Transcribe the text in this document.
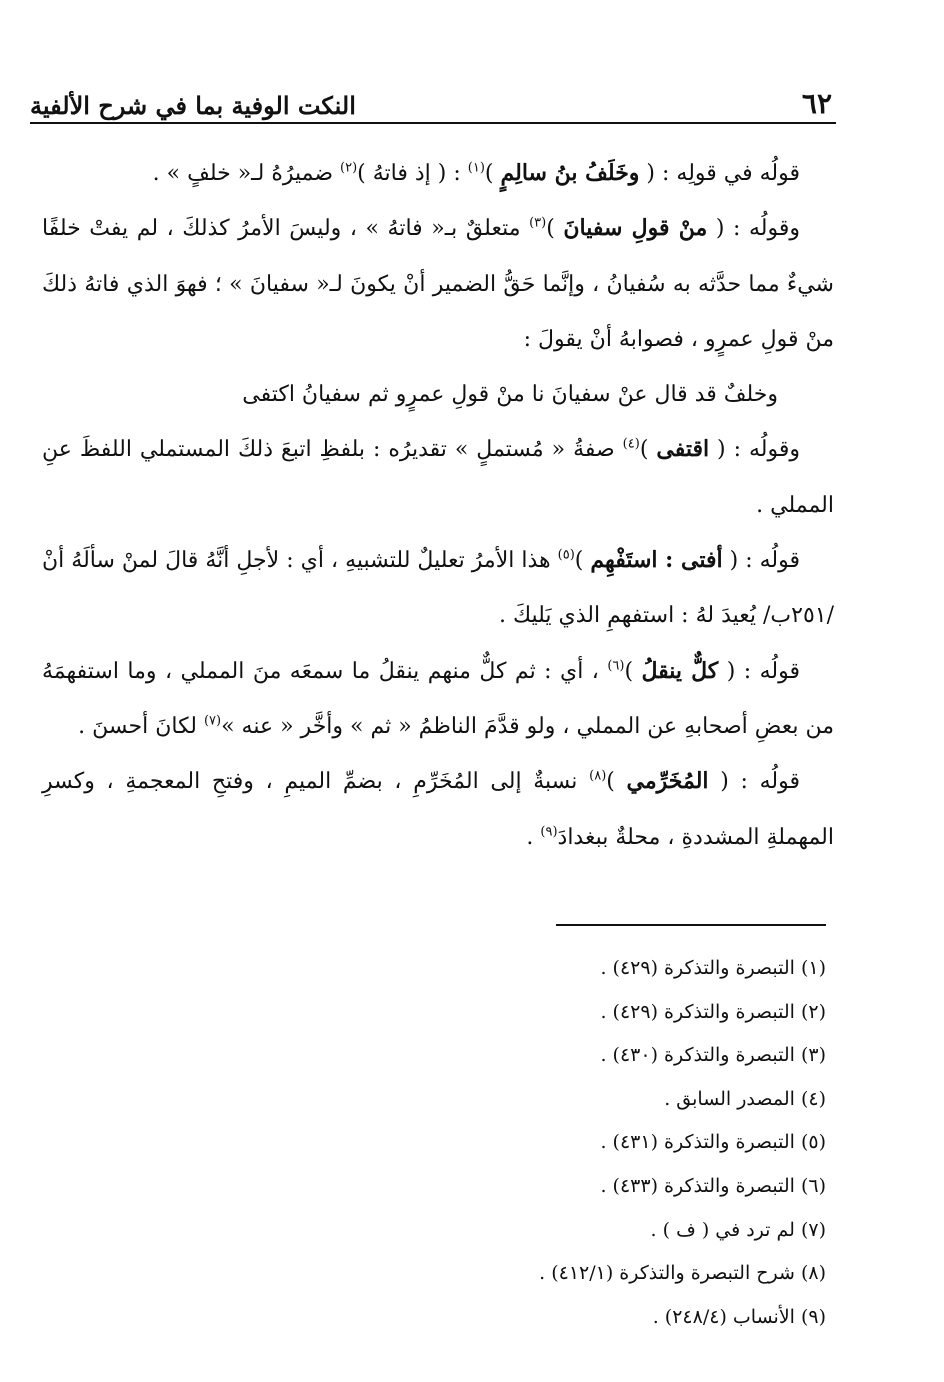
٦٢
النكت الوفية بما في شرح الألفية

قولُه في قولِه : ( وخَلَفُ بنُ سالِمٍ )$^{(١)}$ : ( إذ فاتهُ )$^{(٢)}$ ضميرُهُ لـ« خلفٍ » .

وقولُه : ( منْ قولِ سفيانَ )$^{(٣)}$ متعلقٌ بـ« فاتهُ » ، وليسَ الأمرُ كذلكَ ، لم يفتْ خلفًا شيءٌ مما حدَّثه به سُفيانُ ، وإنَّما حَقُّ الضمير أنْ يكونَ لـ« سفيانَ » ؛ فهوَ الذي فاتهُ ذلكَ منْ قولِ عمرٍو ، فصوابهُ أنْ يقولَ :

وخلفٌ قد قال عنْ سفيانَ نا منْ قولِ عمرٍو ثم سفيانُ اكتفى

وقولُه : ( اقتفى )$^{(٤)}$ صفةُ « مُستملٍ » تقديرُه : بلفظِ اتبعَ ذلكَ المستملي اللفظَ عنِ المملي .

قولُه : ( أفتى : استَفْهِم )$^{(٥)}$ هذا الأمرُ تعليلٌ للتشبيهِ ، أي : لأجلِ أنَّهُ قالَ لمنْ سألَهُ أنْ /٢٥١ب/ يُعيدَ لهُ : استفهمِ الذي يَليكَ .

قولُه : ( كلٌّ ينقلُ )$^{(٦)}$ ، أي : ثم كلٌّ منهم ينقلُ ما سمعَه منَ المملي ، وما استفهمَهُ من بعضِ أصحابهِ عن المملي ، ولو قدَّمَ الناظمُ « ثم » وأخَّر « عنه »$^{(٧)}$ لكانَ أحسنَ .

قولُه : ( المُخَرِّمي )$^{(٨)}$ نسبةٌ إلى المُخَرِّمِ ، بضمِّ الميمِ ، وفتحِ المعجمةِ ، وكسرِ المهملةِ المشددةِ ، محلةٌ ببغدادَ$^{(٩)}$ .

(١)التبصرة والتذكرة (٤٢٩) .
(٢)التبصرة والتذكرة (٤٢٩) .
(٣)التبصرة والتذكرة (٤٣٠) .
(٤)المصدر السابق .
(٥)التبصرة والتذكرة (٤٣١) .
(٦)التبصرة والتذكرة (٤٣٣) .
(٧)لم ترد في ( ف ) .
(٨)شرح التبصرة والتذكرة (٤١٢/١) .
(٩)الأنساب (٢٤٨/٤) .
